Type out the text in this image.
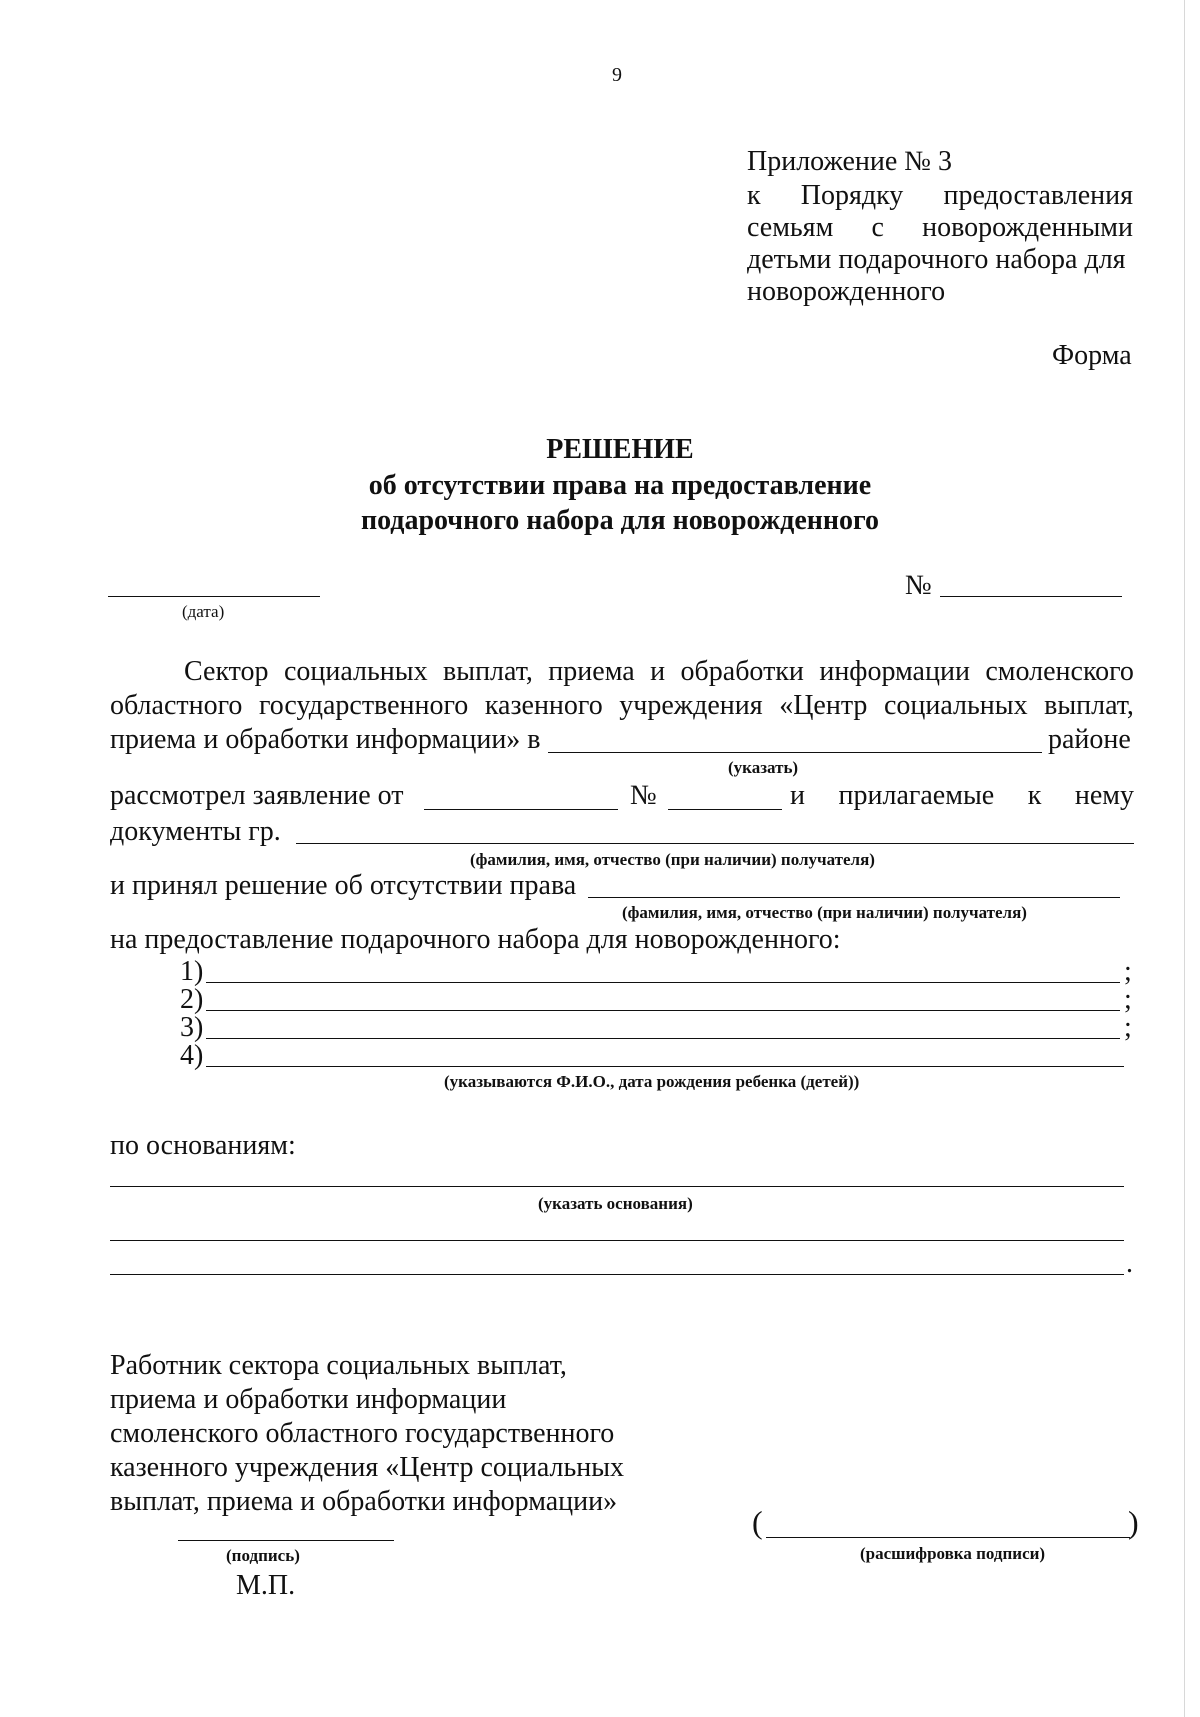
9
Приложение № 3
к Порядку предоставления
семьям с новорожденными
детьми подарочного набора для
новорожденного
Форма
РЕШЕНИЕ
об отсутствии права на предоставление
подарочного набора для новорожденного
(дата)
№
Сектор социальных выплат, приема и обработки информации смоленского
областного государственного казенного учреждения «Центр социальных выплат,
приема и обработки информации» в	районе
(указать)
рассмотрел заявление от	№	и прилагаемые к нему
документы гр.
(фамилия, имя, отчество (при наличии) получателя)
и принял решение об отсутствии права
(фамилия, имя, отчество (при наличии) получателя)
на предоставление подарочного набора для новорожденного:
1)	;
2)	;
3)	;
4)
(указываются Ф.И.О., дата рождения ребенка (детей))
по основаниям:
(указать основания)
.
Работник сектора социальных выплат,
приема и обработки информации
смоленского областного государственного
казенного учреждения «Центр социальных
выплат, приема и обработки информации»
(подпись)
М.П.
(	)
(расшифровка подписи)
